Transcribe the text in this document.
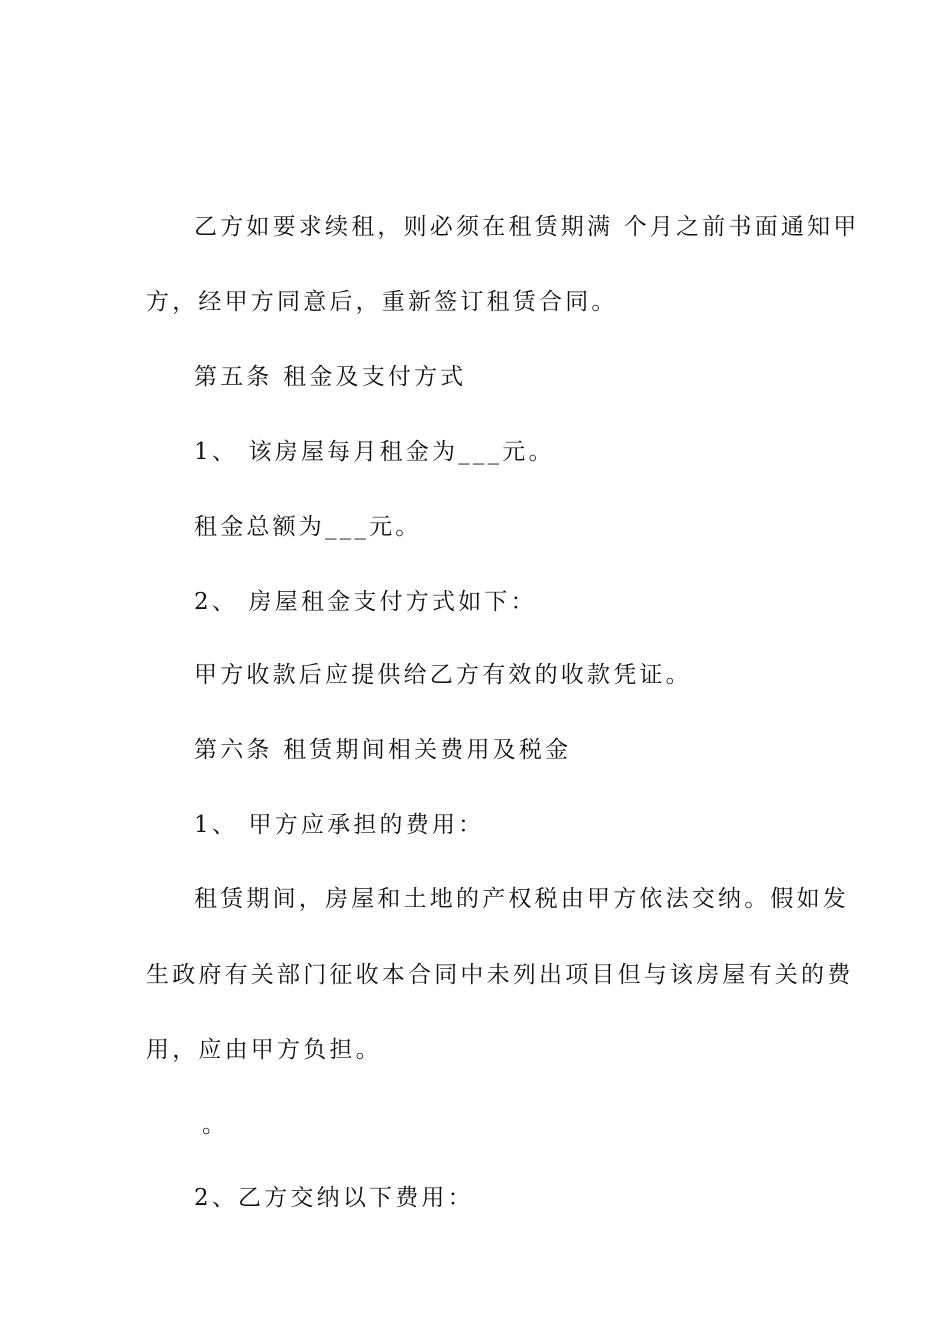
乙方如要求续租，则必须在租赁期满 个月之前书面通知甲
方，经甲方同意后，重新签订租赁合同。
第五条 租金及支付方式
1、 该房屋每月租金为___元。
租金总额为___元。
2、 房屋租金支付方式如下：
甲方收款后应提供给乙方有效的收款凭证。
第六条 租赁期间相关费用及税金
1、 甲方应承担的费用：
租赁期间，房屋和土地的产权税由甲方依法交纳。假如发
生政府有关部门征收本合同中未列出项目但与该房屋有关的费
用，应由甲方负担。
。
2、乙方交纳以下费用：
